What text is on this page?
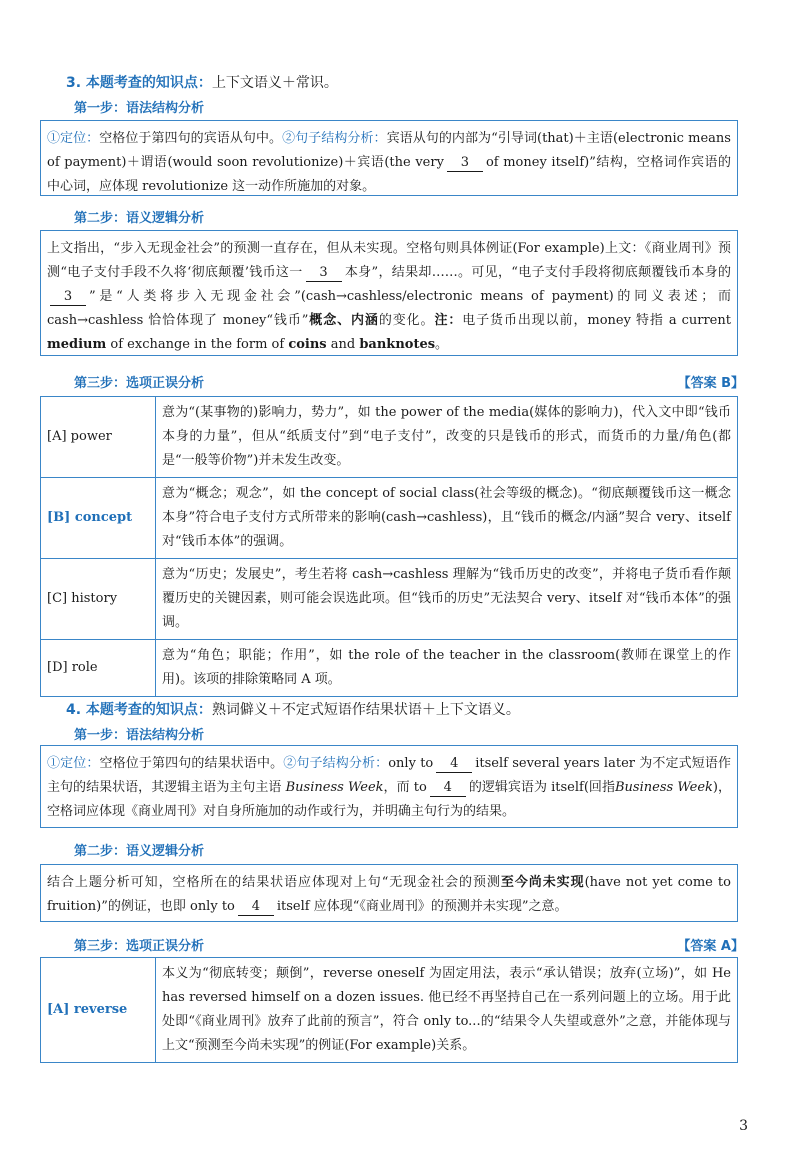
3. 本题考查的知识点：上下文语义＋常识。
第一步：语法结构分析
①定位：空格位于第四句的宾语从句中。②句子结构分析：宾语从句的内部为“引导词(that)＋主语(electronic means of payment)＋谓语(would soon revolutionize)＋宾语(the very 3 of money itself)”结构，空格词作宾语的中心词，应体现 revolutionize 这一动作所施加的对象。
第二步：语义逻辑分析
上文指出，“步入无现金社会”的预测一直存在，但从未实现。空格句则具体例证(For example)上文：《商业周刊》预测“电子支付手段不久将‘彻底颠覆’钱币这一 3 本身”，结果却……。可见，“电子支付手段将彻底颠覆钱币本身的3 ”是“人类将步入无现金社会”(cash→cashless/electronic means of payment)的同义表述；而 cash→cashless 恰恰体现了 money“钱币”概念、内涵的变化。注：电子货币出现以前，money 特指 a current medium of exchange in the form of coins and banknotes。
第三步：选项正误分析	【答案 B】
[A] power	意为“(某事物的)影响力，势力”，如 the power of the media(媒体的影响力)，代入文中即“钱币本身的力量”，但从“纸质支付”到“电子支付”，改变的只是钱币的形式，而货币的力量/角色(都是“一般等价物”)并未发生改变。
[B] concept	意为“概念；观念”，如 the concept of social class(社会等级的概念)。“彻底颠覆钱币这一概念本身”符合电子支付方式所带来的影响(cash→cashless)，且“钱币的概念/内涵”契合 very、itself 对“钱币本体”的强调。
[C] history	意为“历史；发展史”，考生若将 cash→cashless 理解为“钱币历史的改变”，并将电子货币看作颠覆历史的关键因素，则可能会误选此项。但“钱币的历史”无法契合 very、itself 对“钱币本体”的强调。
[D] role	意为“角色；职能；作用”，如 the role of the teacher in the classroom(教师在课堂上的作用)。该项的排除策略同 A 项。
4. 本题考查的知识点：熟词僻义＋不定式短语作结果状语＋上下文语义。
第一步：语法结构分析
①定位：空格位于第四句的结果状语中。②句子结构分析：only to 4 itself several years later 为不定式短语作主句的结果状语，其逻辑主语为主句主语 Business Week，而 to 4 的逻辑宾语为 itself(回指Business Week)，空格词应体现《商业周刊》对自身所施加的动作或行为，并明确主句行为的结果。
第二步：语义逻辑分析
结合上题分析可知，空格所在的结果状语应体现对上句“无现金社会的预测至今尚未实现(have not yet come to fruition)”的例证，也即 only to 4 itself 应体现“《商业周刊》的预测并未实现”之意。
第三步：选项正误分析	【答案 A】
[A] reverse	本义为“彻底转变；颠倒”，reverse oneself 为固定用法，表示“承认错误；放弃(立场)”，如 He has reversed himself on a dozen issues. 他已经不再坚持自己在一系列问题上的立场。用于此处即“《商业周刊》放弃了此前的预言”，符合 only to...的“结果令人失望或意外”之意，并能体现与上文“预测至今尚未实现”的例证(For example)关系。
3
